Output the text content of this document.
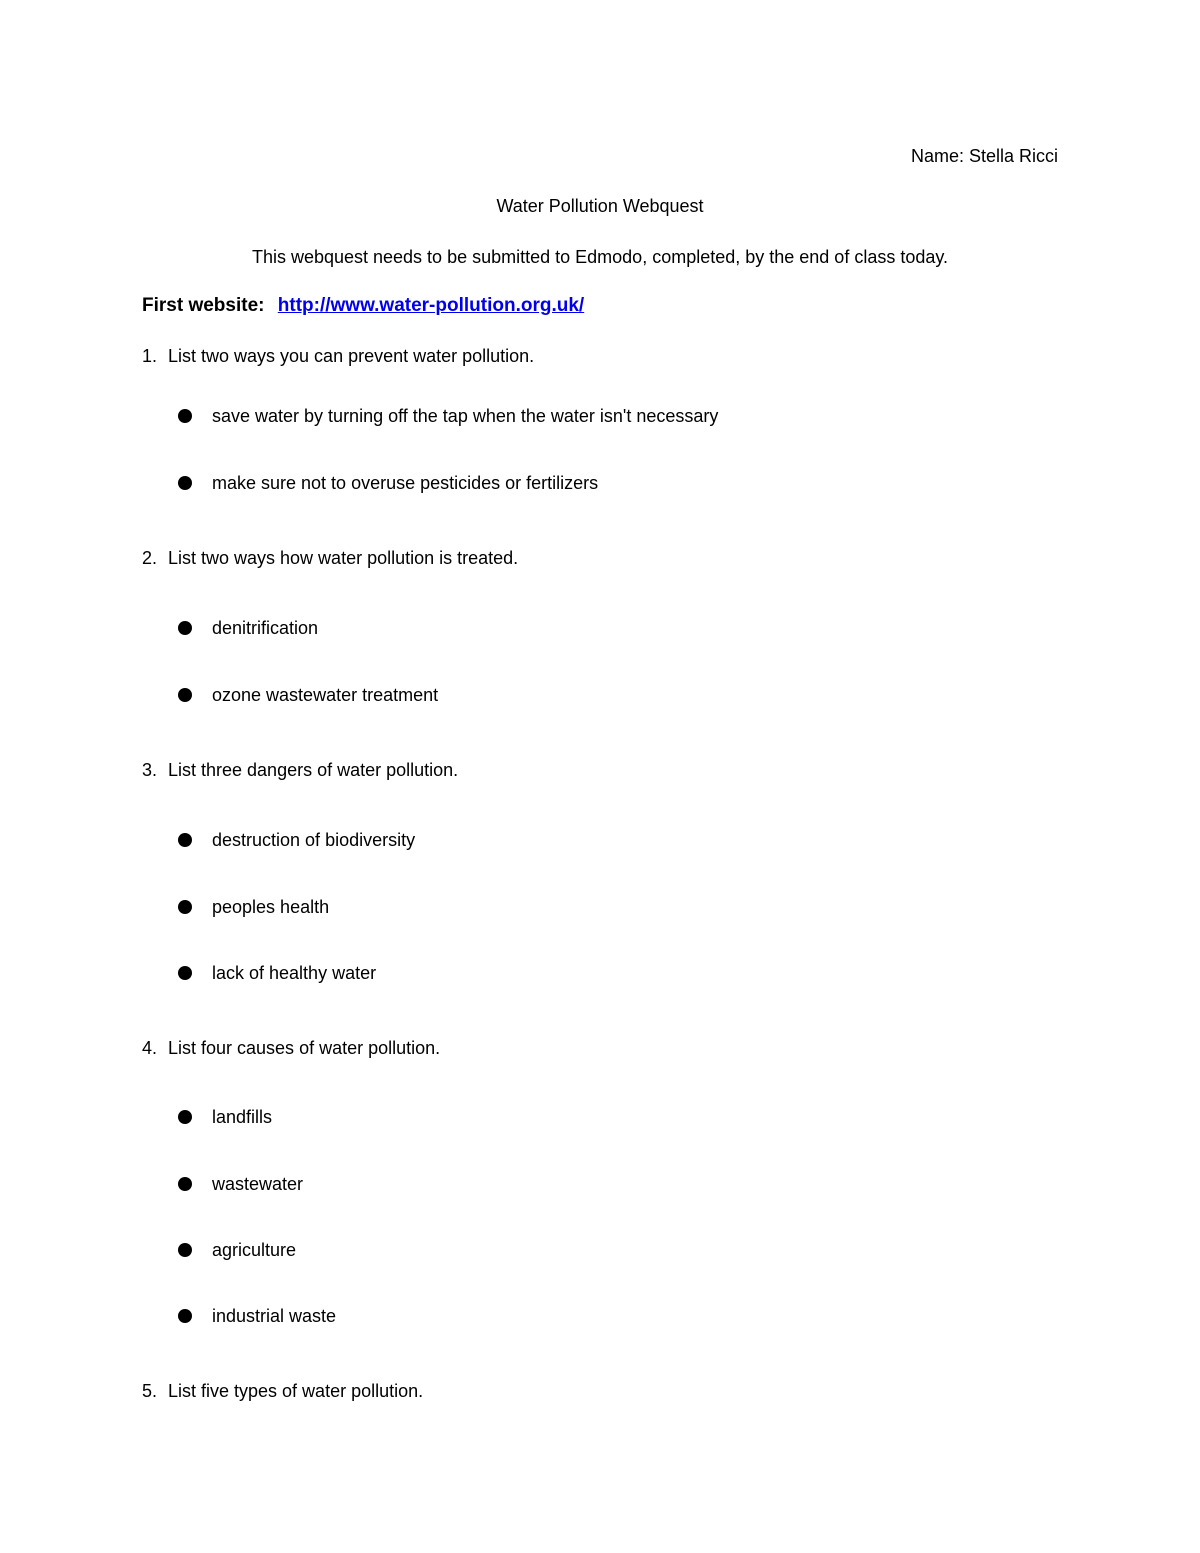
Name: Stella Ricci
Water Pollution Webquest
This webquest needs to be submitted to Edmodo, completed, by the end of class today.
First website: http://www.water-pollution.org.uk/
1. List two ways you can prevent water pollution.
save water by turning off the tap when the water isn't necessary
make sure not to overuse pesticides or fertilizers
2. List two ways how water pollution is treated.
denitrification
ozone wastewater treatment
3. List three dangers of water pollution.
destruction of biodiversity
peoples health
lack of healthy water
4. List four causes of water pollution.
landfills
wastewater
agriculture
industrial waste
5. List five types of water pollution.
